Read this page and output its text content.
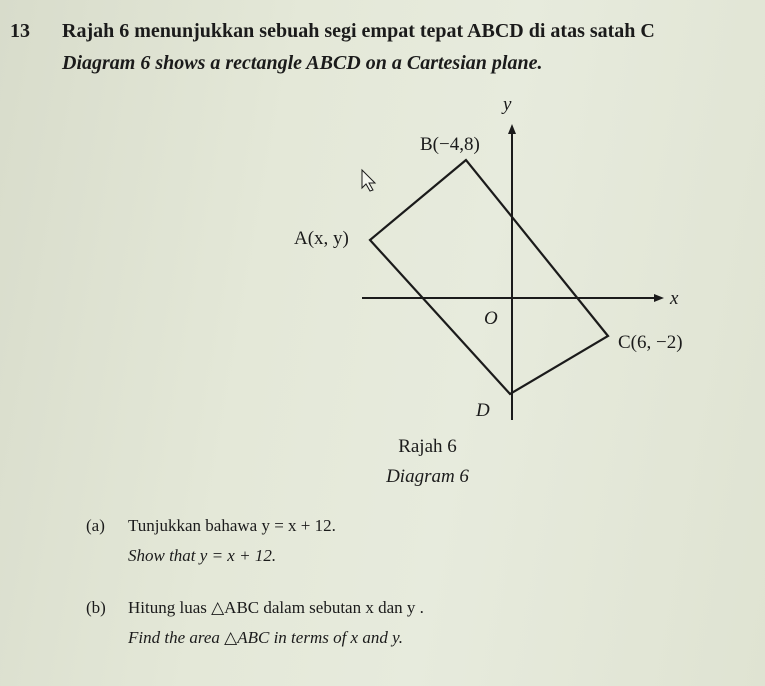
13 Rajah 6 menunjukkan sebuah segi empat tepat ABCD di atas satah C
Diagram 6 shows a rectangle ABCD on a Cartesian plane.
y
x
O
A(x, y)
B(−4,8)
C(6, −2)
D
Rajah 6
Diagram 6
(a) Tunjukkan bahawa y = x + 12.
Show that y = x + 12.
(b) Hitung luas △ABC dalam sebutan x dan y .
Find the area △ABC in terms of x and y.
